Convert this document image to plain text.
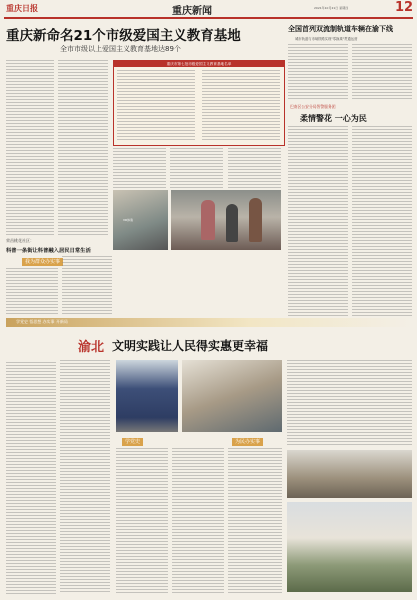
重庆日报	重庆新闻	2021年10月21日 星期四	12
重庆新命名21个市级爱国主义教育基地
全市市级以上爱国主义教育基地达89个
重庆市第七批市级爱国主义教育基地名单
VR体验
荣昌桃花社区：
科普一条街让科普融入居民日常生活
我为群众办实事
全国首列双流制轨道车辆在渝下线
城市轨道与市域铁路实现"零换乘"贯通运营
巴南区公安分局智警服务团
柔情警花 一心为民
学党史 悟思想 办实事 开新局
渝北 文明实践让人民得实惠更幸福
学党史	为民办实事
